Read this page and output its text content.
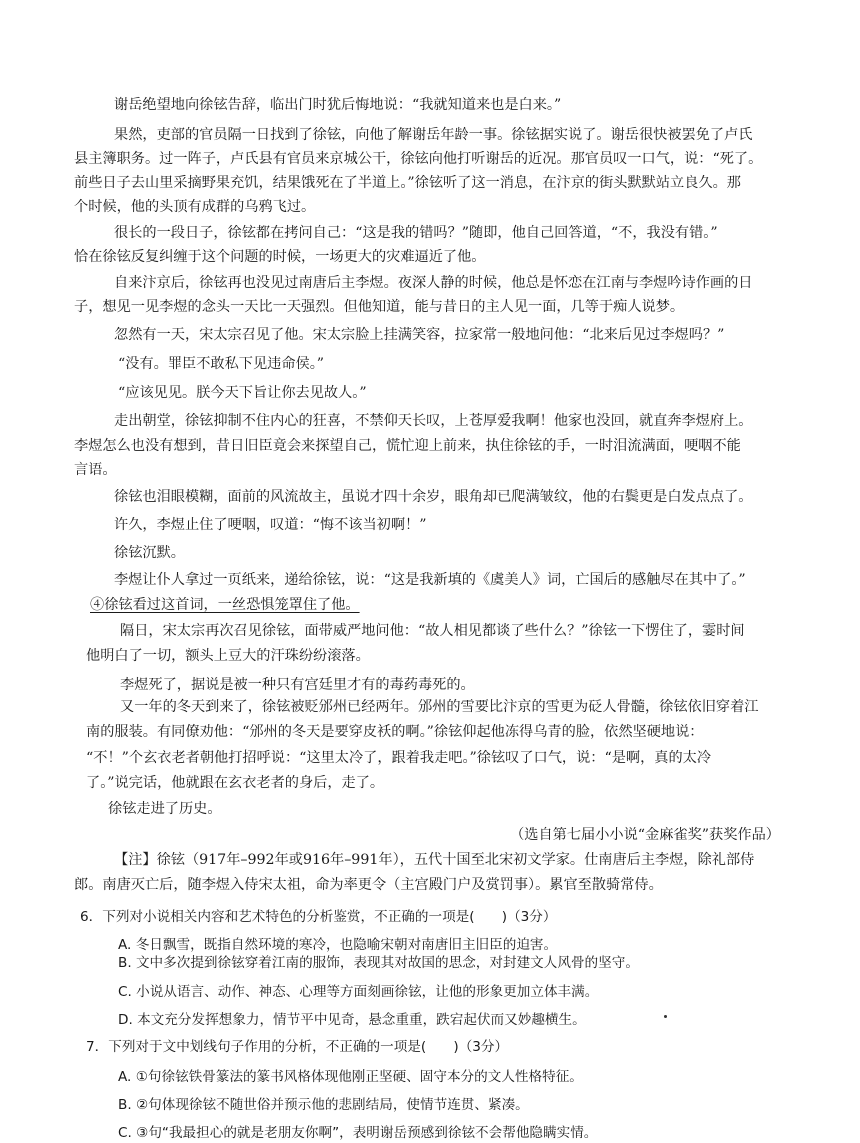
谢岳绝望地向徐铉告辞，临出门时犹后悔地说：“我就知道来也是白来。”
果然，吏部的官员隔一日找到了徐铉，向他了解谢岳年龄一事。徐铉据实说了。谢岳很快被罢免了卢氏
县主簿职务。过一阵子，卢氏县有官员来京城公干，徐铉向他打听谢岳的近况。那官员叹一口气，说：“死了。
前些日子去山里采摘野果充饥，结果饿死在了半道上。”徐铉听了这一消息，在汴京的街头默默站立良久。那
个时候，他的头顶有成群的乌鸦飞过。
很长的一段日子，徐铉都在拷问自己：“这是我的错吗？”随即，他自己回答道，“不，我没有错。”
恰在徐铉反复纠缠于这个问题的时候，一场更大的灾难逼近了他。
自来汴京后，徐铉再也没见过南唐后主李煜。夜深人静的时候，他总是怀恋在江南与李煜吟诗作画的日
子，想见一见李煜的念头一天比一天强烈。但他知道，能与昔日的主人见一面，几等于痴人说梦。
忽然有一天，宋太宗召见了他。宋太宗脸上挂满笑容，拉家常一般地问他：“北来后见过李煜吗？”
“没有。罪臣不敢私下见违命侯。”
“应该见见。朕今天下旨让你去见故人。”
走出朝堂，徐铉抑制不住内心的狂喜，不禁仰天长叹，上苍厚爱我啊！他家也没回，就直奔李煜府上。
李煜怎么也没有想到，昔日旧臣竟会来探望自己，慌忙迎上前来，执住徐铉的手，一时泪流满面，哽咽不能
言语。
徐铉也泪眼模糊，面前的风流故主，虽说才四十余岁，眼角却已爬满皱纹，他的右鬓更是白发点点了。
许久，李煜止住了哽咽，叹道：“悔不该当初啊！”
徐铉沉默。
李煜让仆人拿过一页纸来，递给徐铉，说：“这是我新填的《虞美人》词，亡国后的感触尽在其中了。”
④徐铉看过这首词，一丝恐惧笼罩住了他。
隔日，宋太宗再次召见徐铉，面带威严地问他：“故人相见都谈了些什么？”徐铉一下愣住了，霎时间
他明白了一切，额头上豆大的汗珠纷纷滚落。
李煜死了，据说是被一种只有宫廷里才有的毒药毒死的。
又一年的冬天到来了，徐铉被贬邠州已经两年。邠州的雪要比汴京的雪更为砭人骨髓，徐铉依旧穿着江
南的服装。有同僚劝他：“邠州的冬天是要穿皮袄的啊。”徐铉仰起他冻得乌青的脸，依然坚硬地说：
“不！”个玄衣老者朝他打招呼说：“这里太冷了，跟着我走吧。”徐铉叹了口气，说：“是啊，真的太冷
了。”说完话，他就跟在玄衣老者的身后，走了。
徐铉走进了历史。
（选自第七届小小说“金麻雀奖”获奖作品）
【注】徐铉（917年–992年或916年–991年），五代十国至北宋初文学家。仕南唐后主李煜，除礼部侍
郎。南唐灭亡后，随李煜入侍宋太祖，命为率更令（主宫殿门户及赏罚事）。累官至散骑常侍。
6．下列对小说相关内容和艺术特色的分析鉴赏，不正确的一项是(　　)（3分）
A. 冬日飘雪，既指自然环境的寒冷，也隐喻宋朝对南唐旧主旧臣的迫害。
B. 文中多次提到徐铉穿着江南的服饰，表现其对故国的思念，对封建文人风骨的坚守。
C. 小说从语言、动作、神态、心理等方面刻画徐铉，让他的形象更加立体丰满。
D. 本文充分发挥想象力，情节平中见奇，悬念重重，跌宕起伏而又妙趣横生。
7．下列对于文中划线句子作用的分析，不正确的一项是(　　)（3分）
A. ①句徐铉铁骨篆法的篆书风格体现他刚正坚硬、固守本分的文人性格特征。
B. ②句体现徐铉不随世俗并预示他的悲剧结局，使情节连贯、紧凑。
C. ③句“我最担心的就是老朋友你啊”，表明谢岳预感到徐铉不会帮他隐瞒实情。
